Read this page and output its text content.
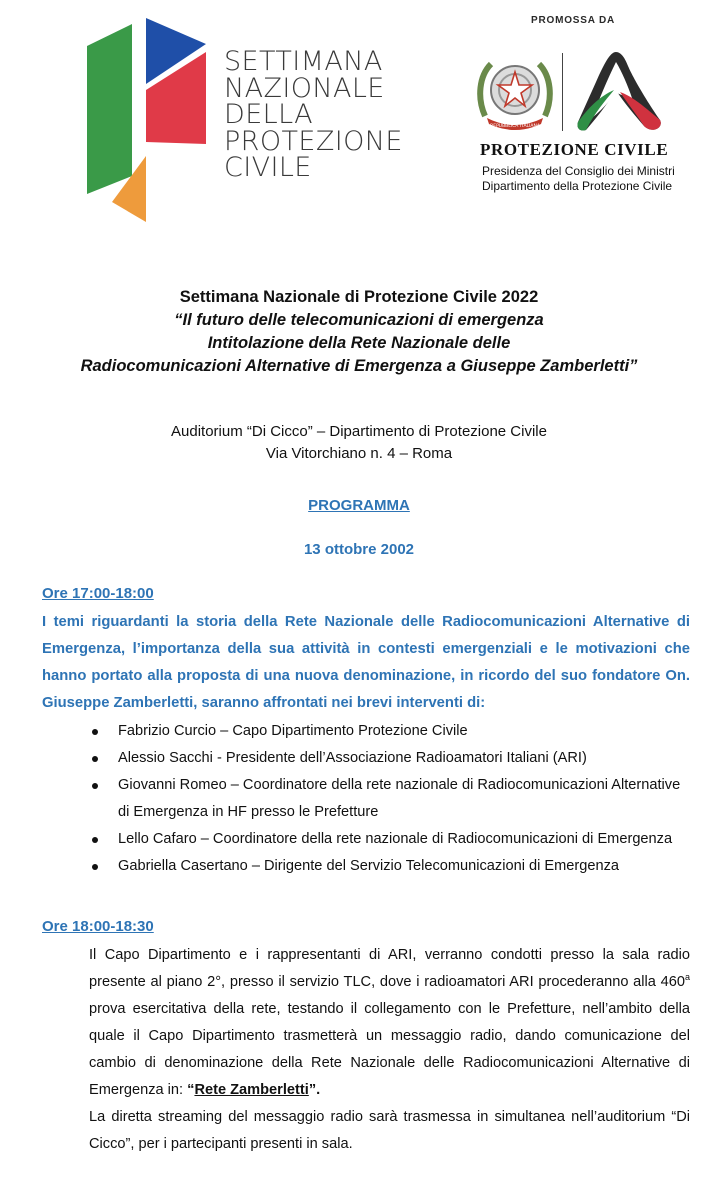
SETTIMANA
NAZIONALE
DELLA
PROTEZIONE
CIVILE
PROMOSSA DA
REPUBBLICA ITALIANA
PROTEZIONE CIVILE
Presidenza del Consiglio dei Ministri
Dipartimento della Protezione Civile
Settimana Nazionale di Protezione Civile 2022
“Il futuro delle telecomunicazioni di emergenza
Intitolazione della Rete Nazionale delle
Radiocomunicazioni Alternative di Emergenza a Giuseppe Zamberletti”
Auditorium “Di Cicco” – Dipartimento di Protezione Civile
Via Vitorchiano n. 4 – Roma
PROGRAMMA
13 ottobre 2002
Ore 17:00-18:00
I temi riguardanti la storia della Rete Nazionale delle Radiocomunicazioni Alternative di Emergenza, l’importanza della sua attività in contesti emergenziali e le motivazioni che hanno portato alla proposta di una nuova denominazione, in ricordo del suo fondatore On. Giuseppe Zamberletti, saranno affrontati nei brevi interventi di:
Fabrizio Curcio – Capo Dipartimento Protezione Civile
Alessio Sacchi - Presidente dell’Associazione Radioamatori Italiani (ARI)
Giovanni Romeo – Coordinatore della rete nazionale di Radiocomunicazioni Alternative di Emergenza in HF presso le Prefetture
Lello Cafaro – Coordinatore della rete nazionale di Radiocomunicazioni di Emergenza
Gabriella Casertano – Dirigente del Servizio Telecomunicazioni di Emergenza
Ore 18:00-18:30

Il Capo Dipartimento e i rappresentanti di ARI, verranno condotti presso la sala radio presente al piano 2°, presso il servizio TLC, dove i radioamatori ARI procederanno alla 460$^a$ prova esercitativa della rete, testando il collegamento con le Prefetture, nell’ambito della quale il Capo Dipartimento trasmetterà un messaggio radio, dando comunicazione del cambio di denominazione della Rete Nazionale delle Radiocomunicazioni Alternative di Emergenza in: “Rete Zamberletti”.

La diretta streaming del messaggio radio sarà trasmessa in simultanea nell’auditorium “Di Cicco”, per i partecipanti presenti in sala.
